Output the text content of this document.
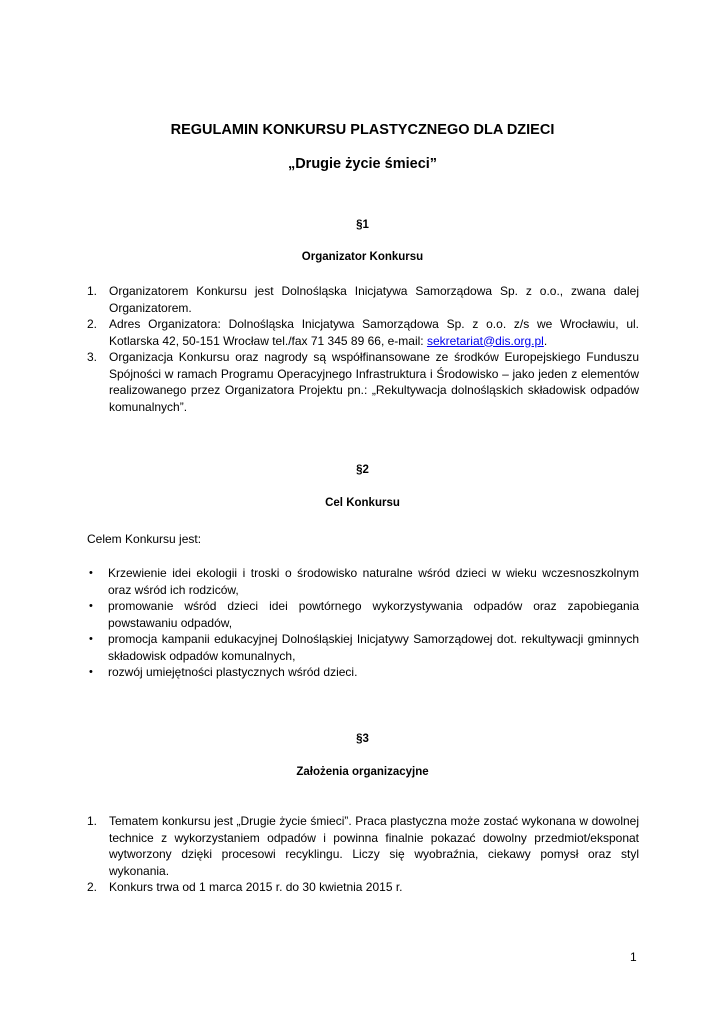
REGULAMIN KONKURSU PLASTYCZNEGO DLA DZIECI
„Drugie życie śmieci”
§1
Organizator Konkursu
1. Organizatorem Konkursu jest Dolnośląska Inicjatywa Samorządowa Sp. z o.o., zwana dalej Organizatorem.
2. Adres Organizatora: Dolnośląska Inicjatywa Samorządowa Sp. z o.o. z/s we Wrocławiu, ul. Kotlarska 42, 50-151 Wrocław tel./fax 71 345 89 66, e-mail: sekretariat@dis.org.pl.
3. Organizacja Konkursu oraz nagrody są współfinansowane ze środków Europejskiego Funduszu Spójności w ramach Programu Operacyjnego Infrastruktura i Środowisko – jako jeden z elementów realizowanego przez Organizatora Projektu pn.: „Rekultywacja dolnośląskich składowisk odpadów komunalnych”.
§2
Cel Konkursu
Celem Konkursu jest:
•	Krzewienie idei ekologii i troski o środowisko naturalne wśród dzieci w wieku wczesnoszkolnym oraz wśród ich rodziców,
•	promowanie wśród dzieci idei powtórnego wykorzystywania odpadów oraz zapobiegania powstawaniu odpadów,
•	promocja kampanii edukacyjnej Dolnośląskiej Inicjatywy Samorządowej dot. rekultywacji gminnych składowisk odpadów komunalnych,
•	rozwój umiejętności plastycznych wśród dzieci.
§3
Założenia organizacyjne
1. Tematem konkursu jest „Drugie życie śmieci”. Praca plastyczna może zostać wykonana w dowolnej technice z wykorzystaniem odpadów i powinna finalnie pokazać dowolny przedmiot/eksponat wytworzony dzięki procesowi recyklingu. Liczy się wyobraźnia, ciekawy pomysł oraz styl wykonania.
2. Konkurs trwa od 1 marca 2015 r. do 30 kwietnia 2015 r.
1
